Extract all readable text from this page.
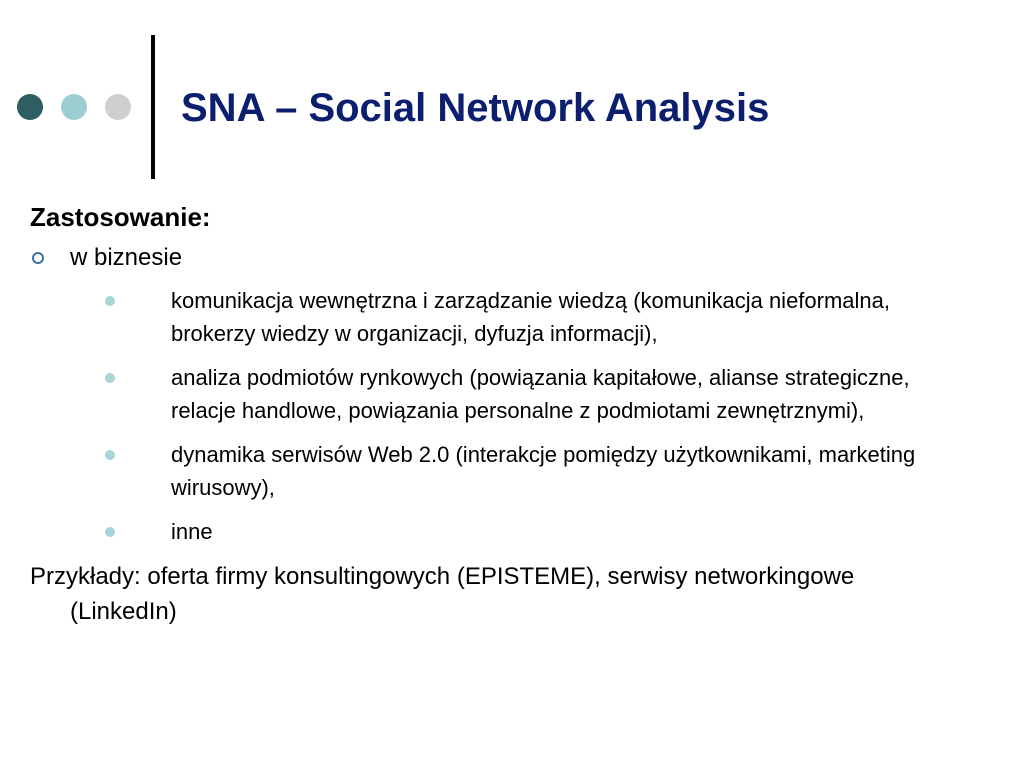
SNA – Social Network Analysis

Zastosowanie:

w biznesie
komunikacja wewnętrzna i zarządzanie wiedzą (komunikacja nieformalna, brokerzy wiedzy w organizacji, dyfuzja informacji),
analiza podmiotów rynkowych (powiązania kapitałowe, alianse strategiczne, relacje handlowe, powiązania personalne z podmiotami zewnętrznymi),
dynamika serwisów Web 2.0 (interakcje pomiędzy użytkownikami, marketing wirusowy),
inne

Przykłady: oferta firmy konsultingowych (EPISTEME), serwisy networkingowe (LinkedIn)
